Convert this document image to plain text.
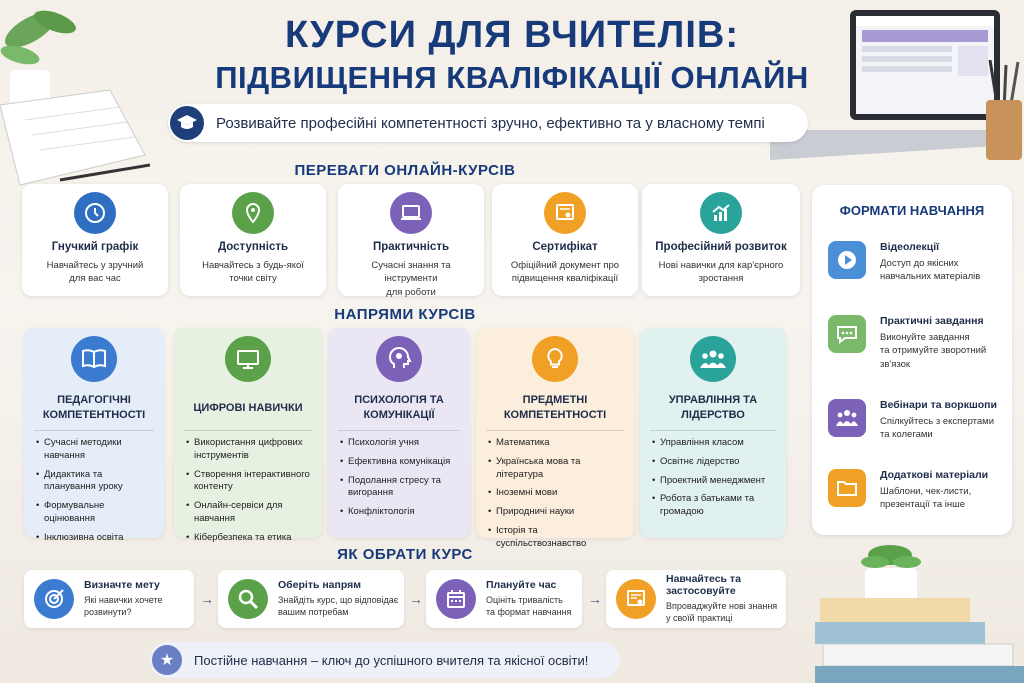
КУРСИ ДЛЯ ВЧИТЕЛІВ:
ПІДВИЩЕННЯ КВАЛІФІКАЦІЇ ОНЛАЙН
Розвивайте професійні компетентності зручно, ефективно та у власному темпі
ПЕРЕВАГИ ОНЛАЙН-КУРСІВ
Гнучкий графік
Навчайтесь у зручний
для вас час
Доступність
Навчайтесь з будь-якої
точки світу
Практичність
Сучасні знання та інструменти
для роботи
Сертифікат
Офіційний документ про
підвищення кваліфікації
Професійний розвиток
Нові навички для кар'єрного
зростання
НАПРЯМИ КУРСІВ
ПЕДАГОГІЧНІ
КОМПЕТЕНТНОСТІ
• Сучасні методики навчання
• Дидактика та планування уроку
• Формувальне оцінювання
• Інклюзивна освіта
ЦИФРОВІ НАВИЧКИ
• Використання цифрових інструментів
• Створення інтерактивного контенту
• Онлайн-сервіси для навчання
• Кібербезпека та етика
ПСИХОЛОГІЯ ТА
КОМУНІКАЦІЇ
• Психологія учня
• Ефективна комунікація
• Подолання стресу та вигорання
• Конфліктологія
ПРЕДМЕТНІ
КОМПЕТЕНТНОСТІ
• Математика
• Українська мова та література
• Іноземні мови
• Природничі науки
• Історія та суспільствознавство
УПРАВЛІННЯ ТА
ЛІДЕРСТВО
• Управління класом
• Освітнє лідерство
• Проектний менеджмент
• Робота з батьками та громадою
ЯК ОБРАТИ КУРС
Визначте мету
Які навички хочете
розвинути?
→
Оберіть напрям
Знайдіть курс, що відповідає
вашим потребам
→
Плануйте час
Оцініть тривалість
та формат навчання
→
Навчайтесь та
застосовуйте
Впроваджуйте нові знання
у своїй практиці
★	Постійне навчання – ключ до успішного вчителя та якісної освіти!
ФОРМАТИ НАВЧАННЯ
Відеолекції
Доступ до якісних
навчальних матеріалів
Практичні завдання
Виконуйте завдання
та отримуйте зворотний
зв'язок
Вебінари та воркшопи
Спілкуйтесь з експертами
та колегами
Додаткові матеріали
Шаблони, чек-листи,
презентації та інше
